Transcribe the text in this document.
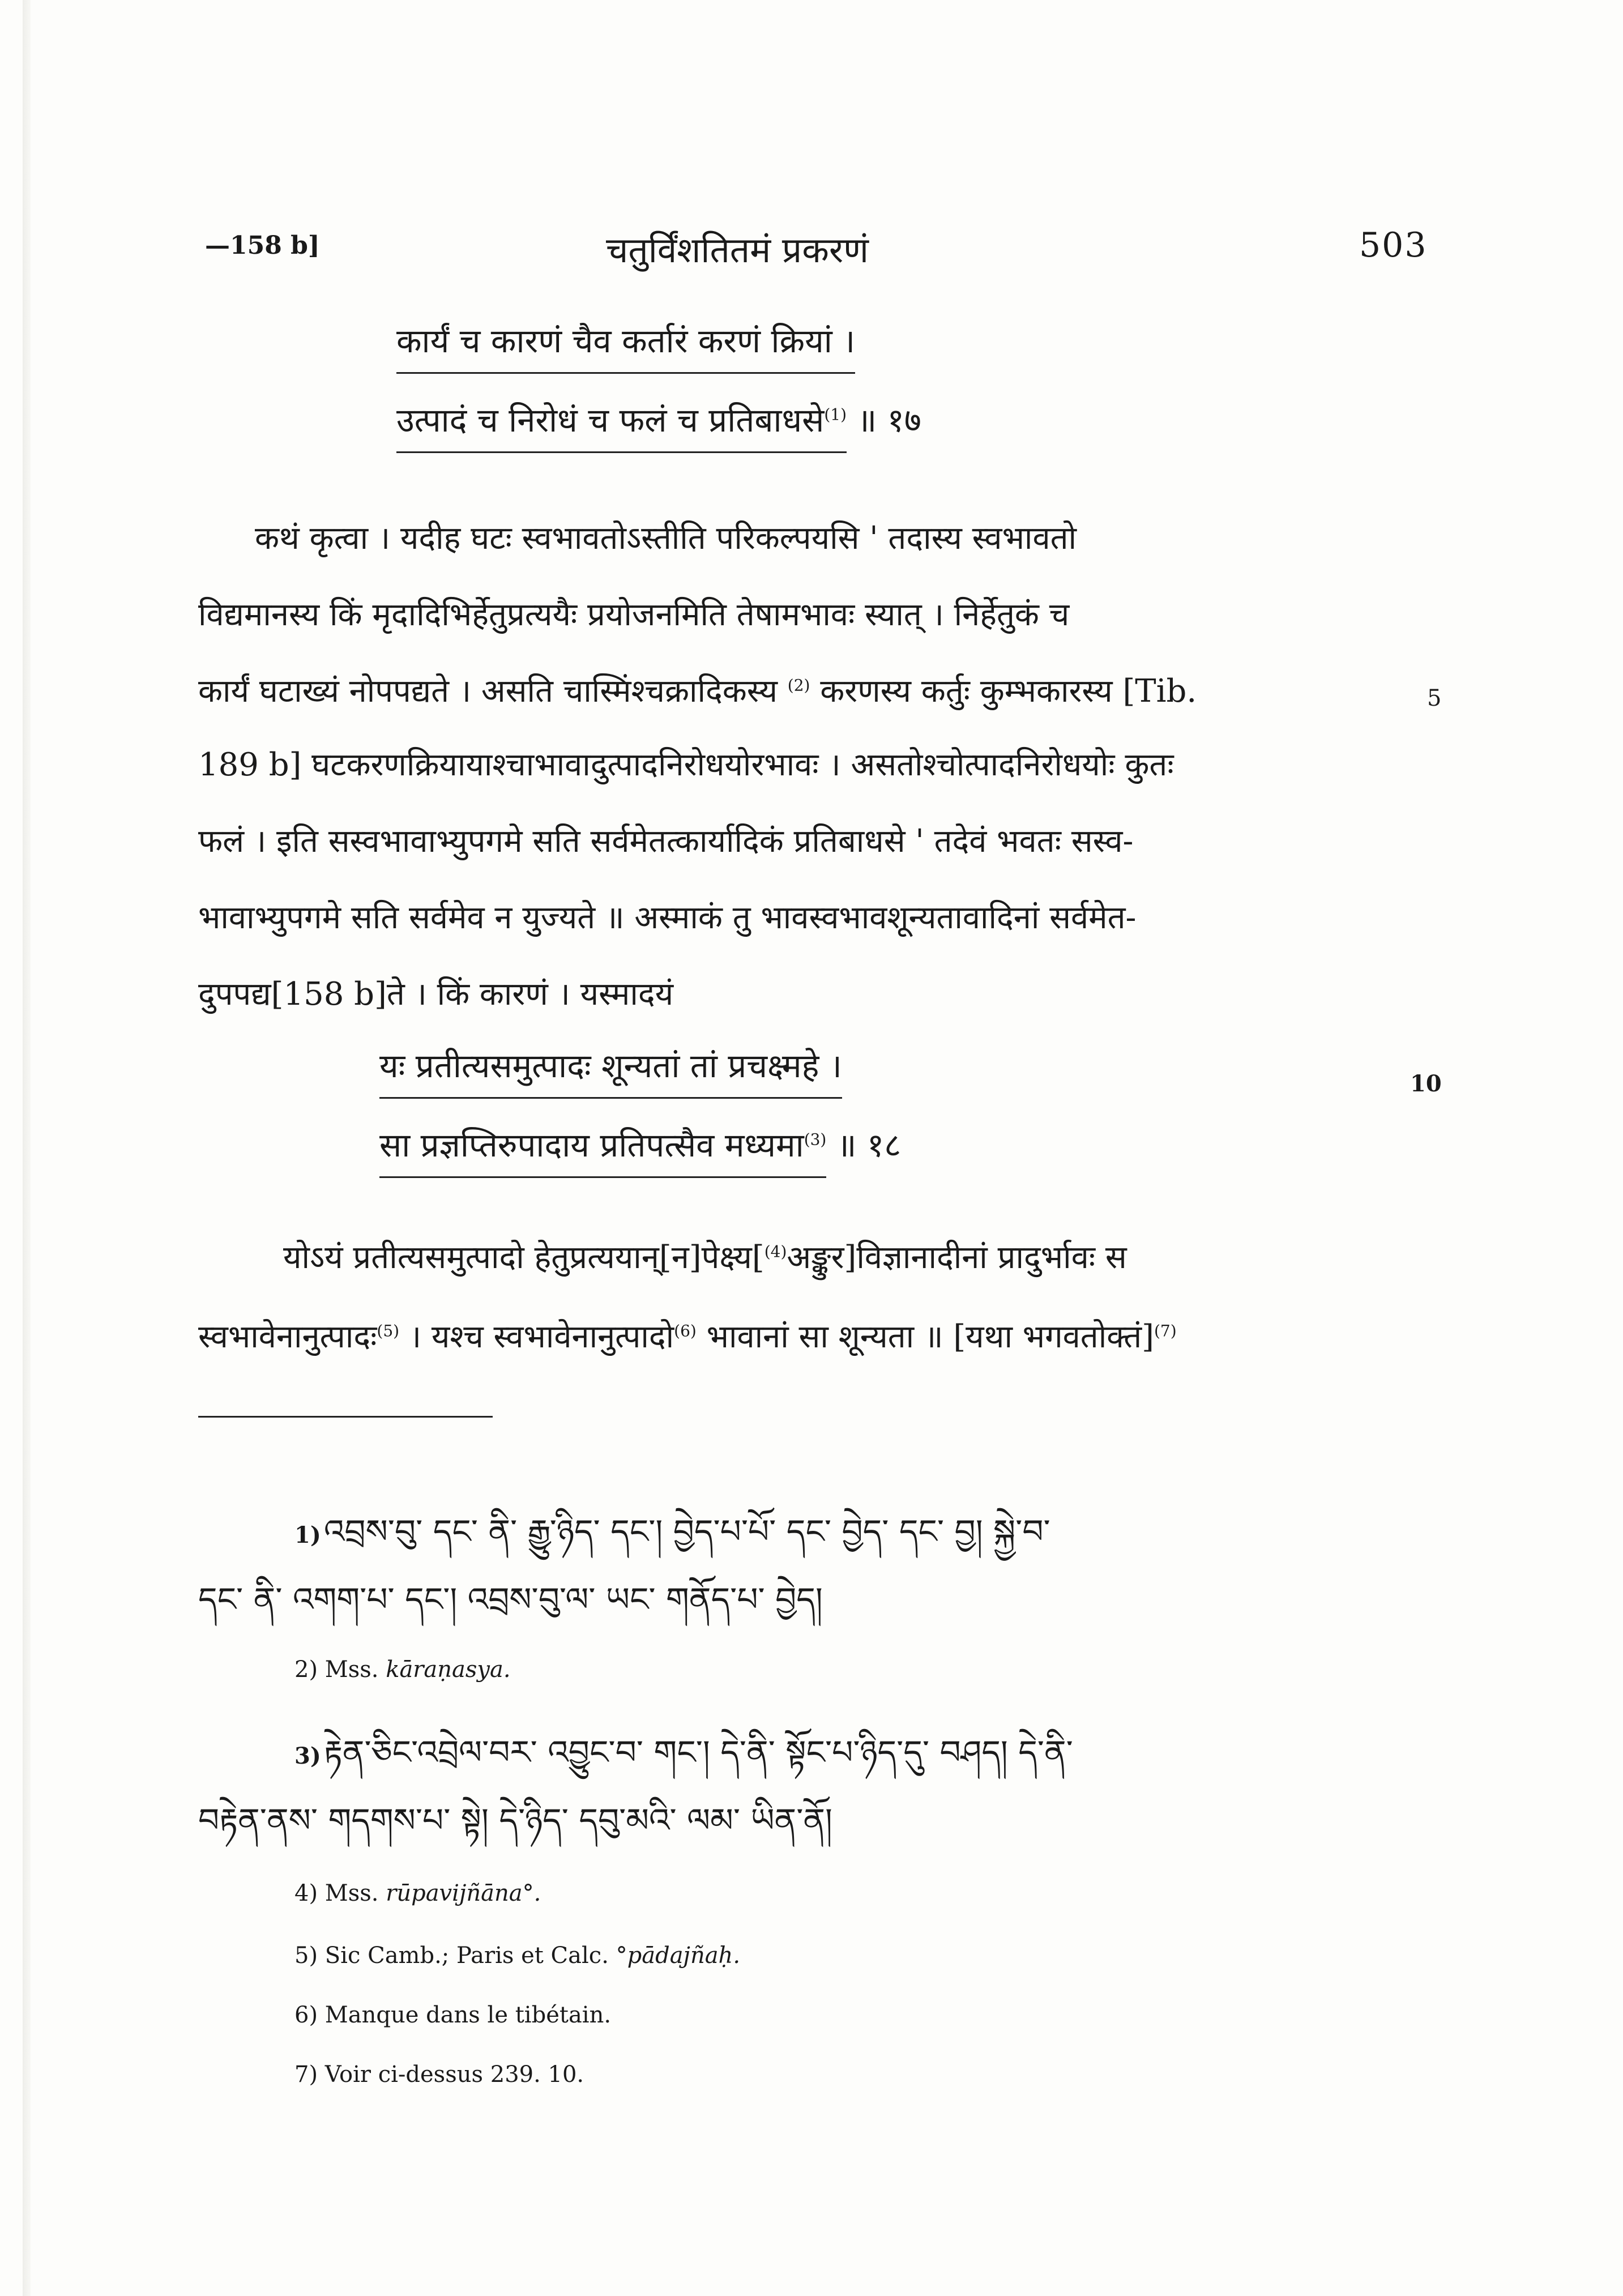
—158 b]	चतुर्विंशतितमं प्रकरणं	503
कार्यं च कारणं चैव कर्तारं करणं क्रियां ।
उत्पादं च निरोधं च फलं च प्रतिबाधसे$^{(1)}$ ॥ १७
कथं कृत्वा । यदीह घटः स्वभावतोऽस्तीति परिकल्पयसि ' तदास्य स्वभावतो
विद्यमानस्य किं मृदादिभिर्हेतुप्रत्ययैः प्रयोजनमिति तेषामभावः स्यात् । निर्हेतुकं च
कार्यं घटाख्यं नोपपद्यते । असति चास्मिंश्चक्रादिकस्य $^{(2)}$ करणस्य कर्तुः कुम्भकारस्य [Tib.	5
189 b] घटकरणक्रियायाश्चाभावादुत्पादनिरोधयोरभावः । असतोश्चोत्पादनिरोधयोः कुतः
फलं । इति सस्वभावाभ्युपगमे सति सर्वमेतत्कार्यादिकं प्रतिबाधसे ' तदेवं भवतः सस्व-
भावाभ्युपगमे सति सर्वमेव न युज्यते ॥ अस्माकं तु भावस्वभावशून्यतावादिनां सर्वमेत-
दुपपद्य[158 b]ते । किं कारणं । यस्मादयं
यः प्रतीत्यसमुत्पादः शून्यतां तां प्रचक्ष्महे ।	10
सा प्रज्ञप्तिरुपादाय प्रतिपत्सैव मध्यमा$^{(3)}$ ॥ १८
योऽयं प्रतीत्यसमुत्पादो हेतुप्रत्ययान्[न]पेक्ष्य[$^{(4)}$अङ्कुर]विज्ञानादीनां प्रादुर्भावः स
स्वभावेनानुत्पादः$^{(5)}$ । यश्च स्वभावेनानुत्पादो$^{(6)}$ भावानां सा शून्यता ॥ [यथा भगवतोक्तं]$^{(7)}$
1) འབྲས་བུ་ དང་ ནི་ རྒྱུ་ཉིད་ དང་། བྱེད་པ་པོ་ དང་ བྱེད་ དང་ བྱ། སྐྱེ་བ་
དང་ ནི་ འགག་པ་ དང་། འབྲས་བུ་ལ་ ཡང་ གནོད་པ་ བྱེད།
2) Mss. kāraṇasya.
3) རྟེན་ཅིང་འབྲེལ་བར་ འབྱུང་བ་ གང་། དེ་ནི་ སྟོང་པ་ཉིད་དུ་ བཤད། དེ་ནི་
བརྟེན་ནས་ གདགས་པ་ སྟེ། དེ་ཉིད་ དབུ་མའི་ ལམ་ ཡིན་ནོ།
4) Mss. rūpavijñāna°.
5) Sic Camb.; Paris et Calc. °pādajñaḥ.
6) Manque dans le tibétain.
7) Voir ci-dessus 239. 10.
